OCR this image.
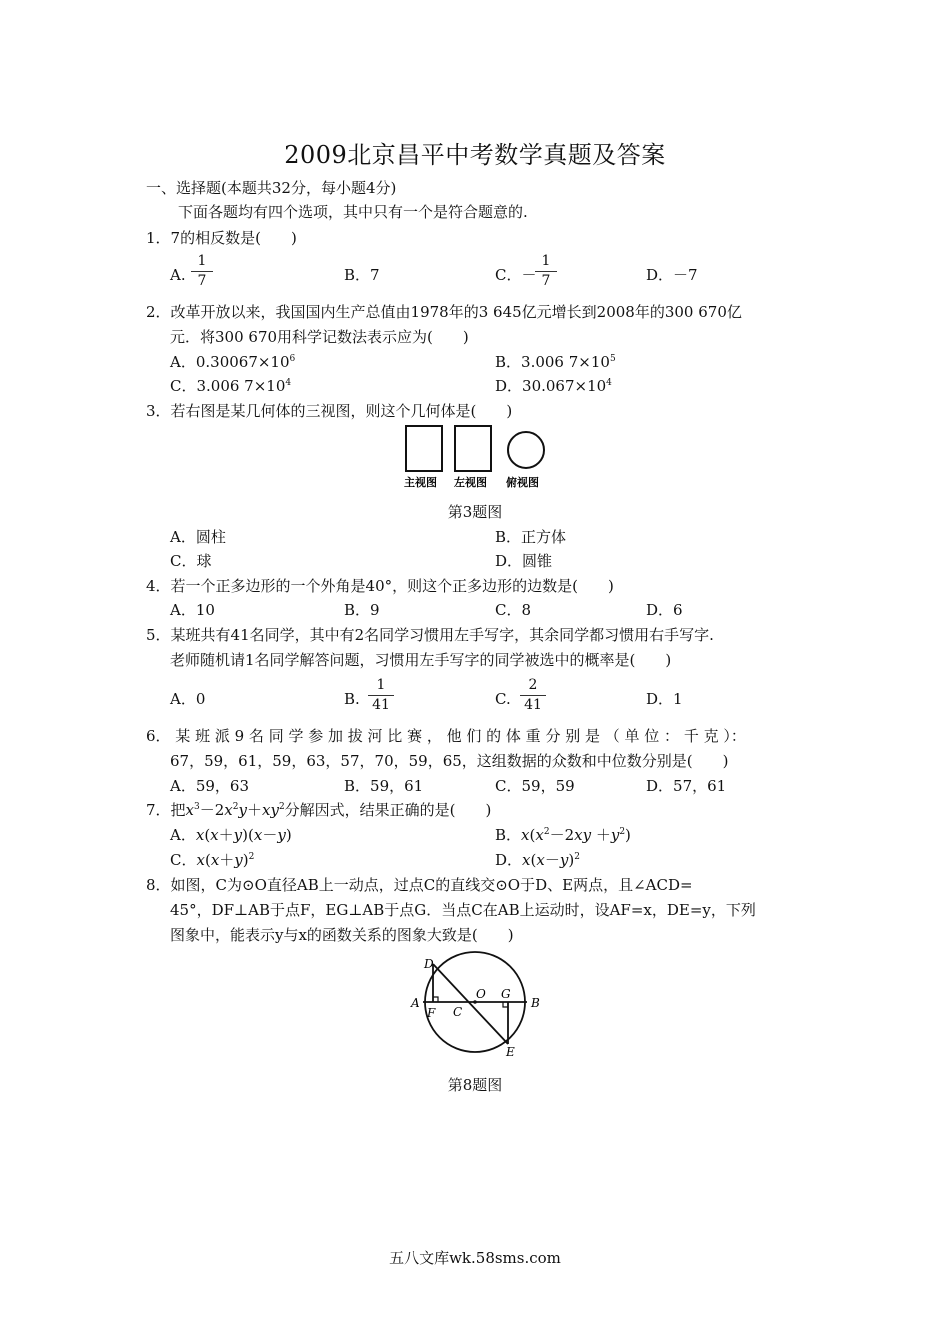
2009北京昌平中考数学真题及答案
一、选择题(本题共32分，每小题4分)
下面各题均有四个选项，其中只有一个是符合题意的.
1．7的相反数是(　　)
A.
1
7	B．7	C．－
1
7	D．－7
2．改革开放以来，我国国内生产总值由1978年的3 645亿元增长到2008年的300 670亿
元．将300 670用科学记数法表示应为(　　)
A．$0.30067\times 10^6$	B．3.006 $7\times 10^5$
C．3.006 $7\times 10^4$	D．$30.067\times 10^4$
3．若右图是某几何体的三视图，则这个几何体是(　　)
主视图 左视图 俯视图
第3题图
A．圆柱	B．正方体
C．球	D．圆锥
4．若一个正多边形的一个外角是40°，则这个正多边形的边数是(　　)
A．10	B．9	C．8	D．6
5．某班共有41名同学，其中有2名同学习惯用左手写字，其余同学都习惯用右手写字.
老师随机请1名同学解答问题，习惯用左手写字的同学被选中的概率是(　　)
A．0	B.
1
41	C.
2
41	D．1
6． 某 班 派 9 名 同 学 参 加 拔 河 比 赛 ， 他 们 的 体 重 分 别 是 （ 单 位 ： 千 克 ）：
67，59，61，59，63，57，70，59，65，这组数据的众数和中位数分别是(　　)
A．59，63	B．59，61	C．59，59	D．57，61
7．把$x^3-2x^2y+xy^2$分解因式，结果正确的是(　　)
A．x(x＋y)(x－y)	B．$x(x^2-2xy +y^2)$
C．$x(x+y)^2$	D．$x(x-y)^2$
8．如图，C为⊙O直径AB上一动点，过点C的直线交⊙O于D、E两点，且∠ACD=
45°，DF⊥AB于点F，EG⊥AB于点G．当点C在AB上运动时，设AF=x，DE=y，下列
图象中，能表示y与x的函数关系的图象大致是(　　)
D
A
F C
O G
B
E
第8题图
五八文库wk.58sms.com
